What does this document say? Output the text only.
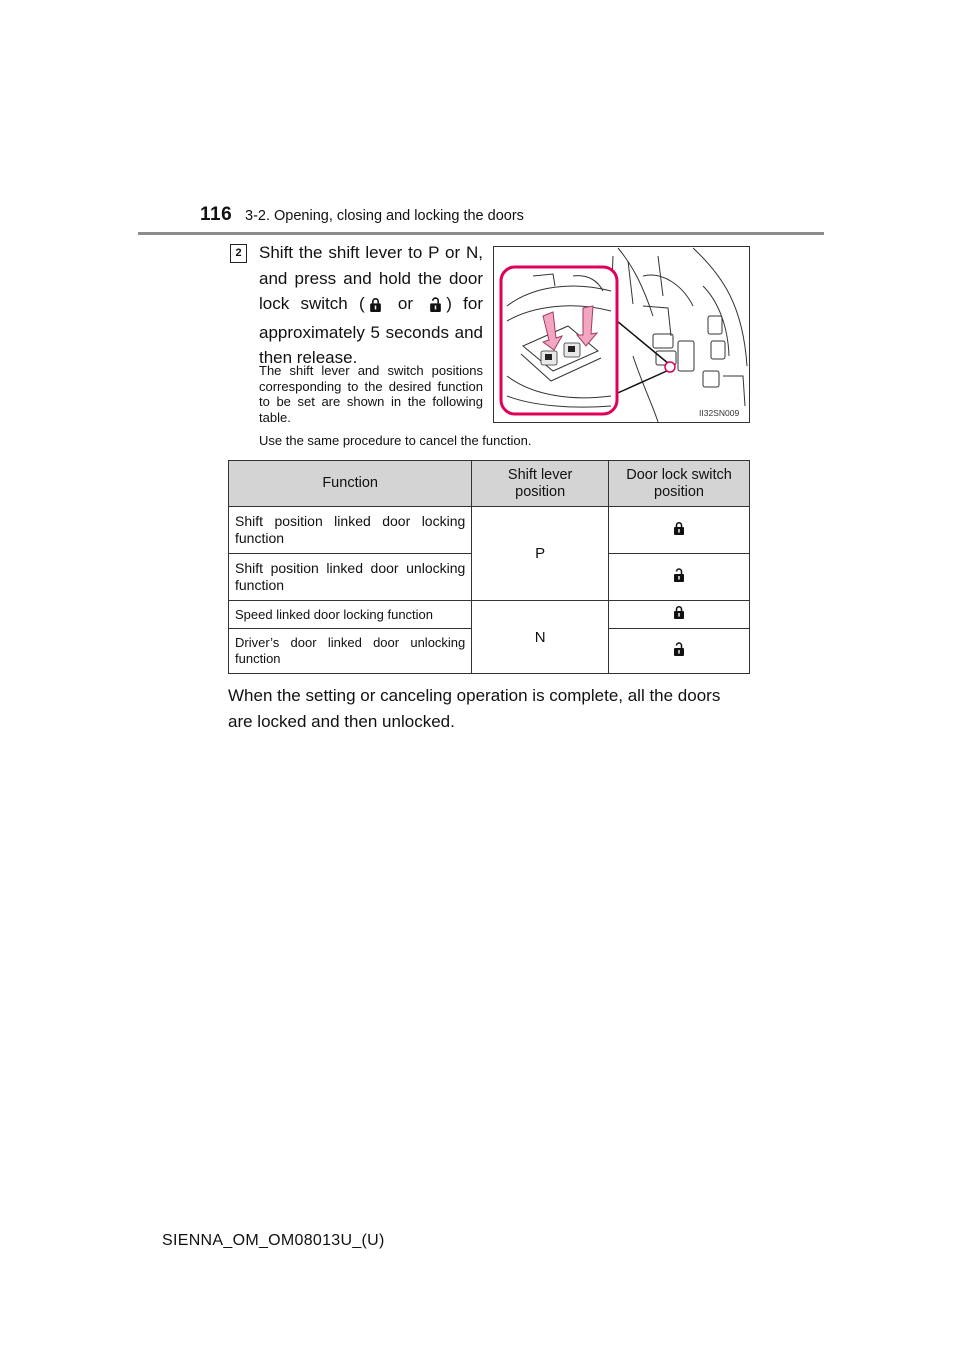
116 3-2. Opening, closing and locking the doors
2	Shift the shift lever to P or N, and press and hold the door lock switch ( or ) for approximately 5 seconds and then release.
The shift lever and switch positions corresponding to the desired function to be set are shown in the following table.
Use the same procedure to cancel the function.
II32SN009
Function	Shift lever position	Door lock switch position

Shift position linked door locking function	P	
Shift position linked door unlocking function	
Speed linked door locking function	N	
Driver’s door linked door unlocking function	
When the setting or canceling operation is complete, all the doors are locked and then unlocked.
SIENNA_OM_OM08013U_(U)
